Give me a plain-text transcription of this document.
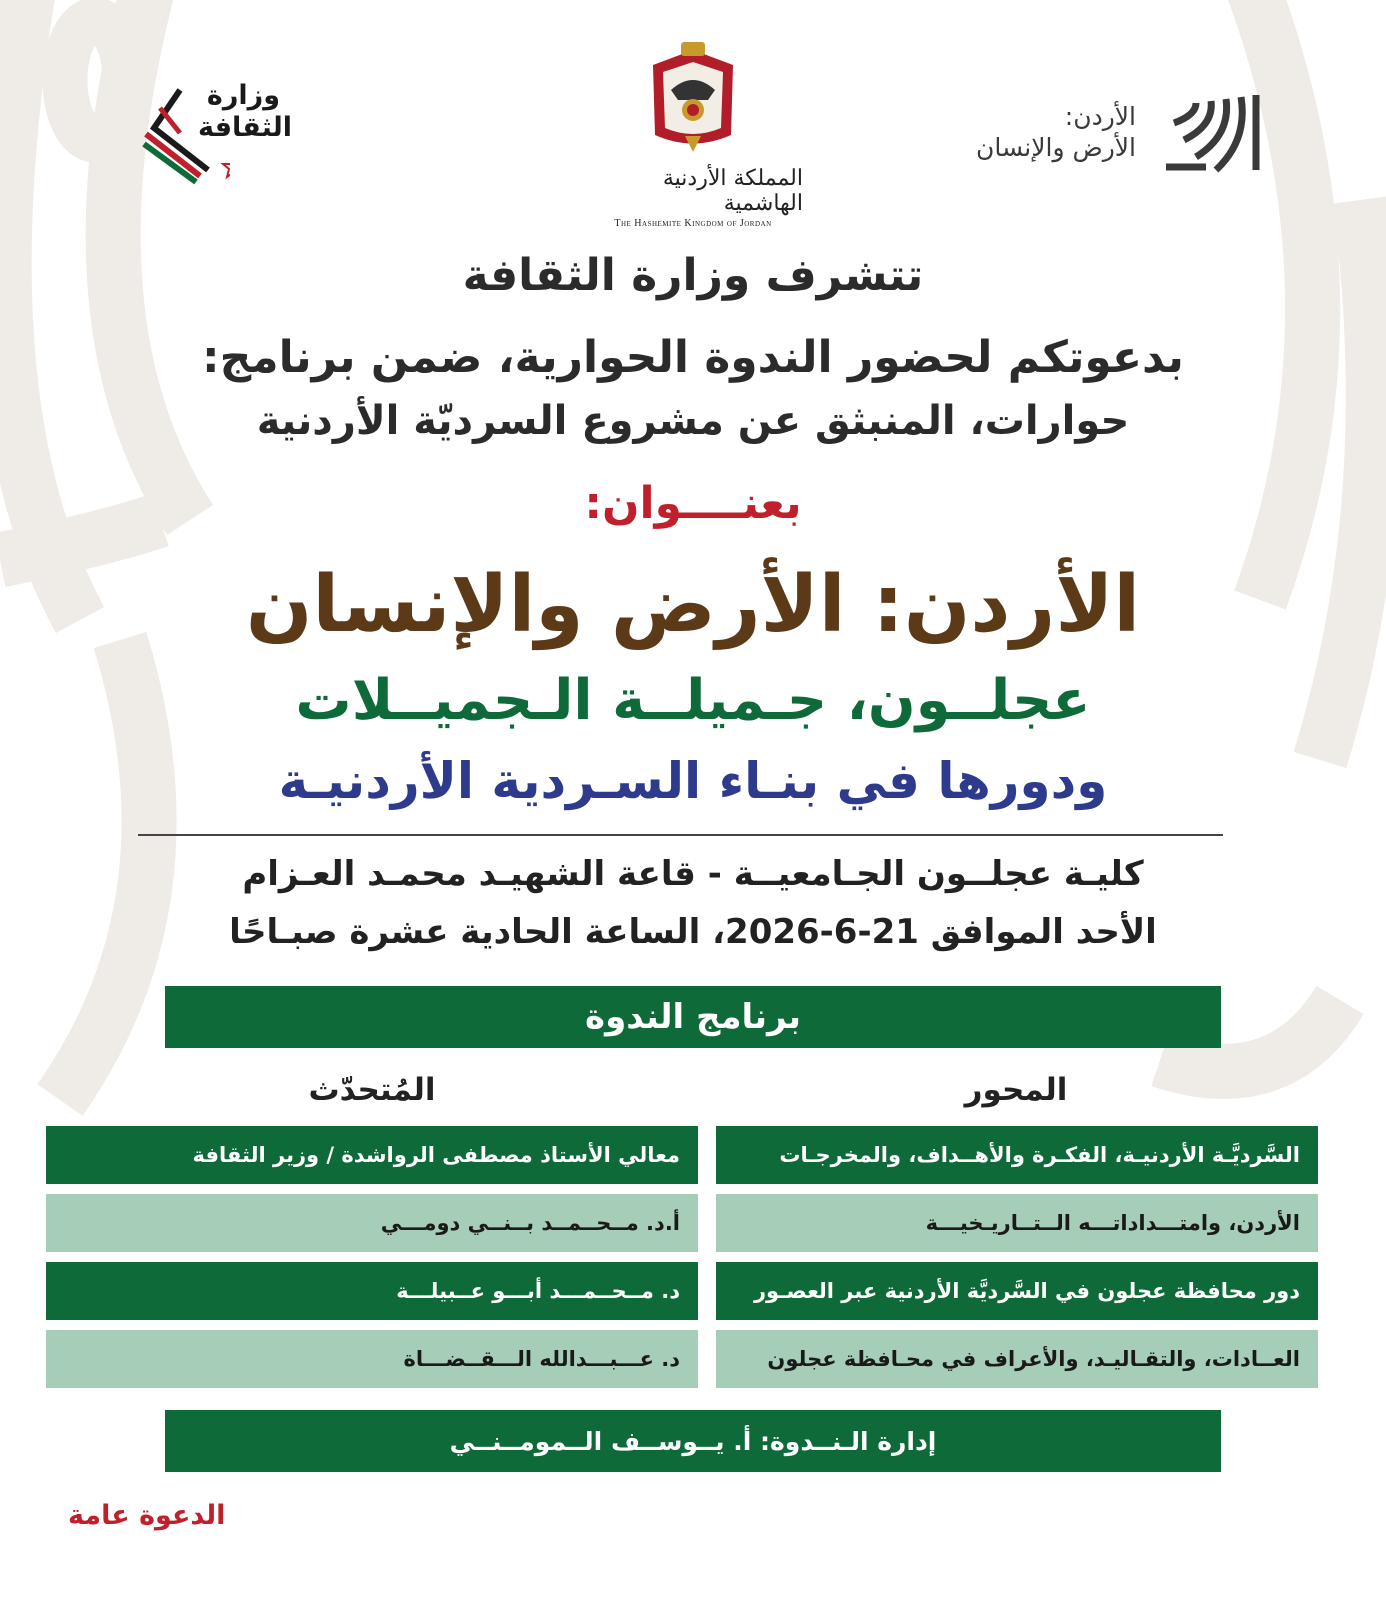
الأردن:
الأرض والإنسان
المملكة الأردنية الهاشمية
The Hashemite Kingdom of Jordan
وزارة
الثقافة
تتشرف وزارة الثقافة
بدعوتكم لحضور الندوة الحوارية، ضمن برنامج:
حوارات، المنبثق عن مشروع السرديّة الأردنية
بعنــــوان:
الأردن: الأرض والإنسان
عجلــون، جـميلــة الـجميــلات
ودورها في بنـاء السـردية الأردنيـة
كليـة عجلــون الجـامعيــة - قاعة الشهيـد محمـد العـزام
الأحد الموافق 21-6-2026، الساعة الحادية عشرة صبـاحًا
برنامج الندوة
المحور
المُتحدّث
السَّرديَّـة الأردنيـة، الفكـرة والأهــداف، والمخرجـات
معالي الأستاذ مصطفى الرواشدة / وزير الثقافة
الأردن، وامتـــداداتـــه الــتــاريـخيـــة
أ.د. مــحــمــد بــنــي دومـــي
دور محافظة عجلون في السَّرديَّة الأردنية عبر العصـور
د. مــحــمـــد أبـــو عــبيلـــة
العــادات، والتقـاليـد، والأعراف في محـافظة عجلون
د. عـــبـــدالله الـــقــضـــاة
إدارة الـنــدوة: أ. يــوســف الــمومــنــي
الدعوة عامة
